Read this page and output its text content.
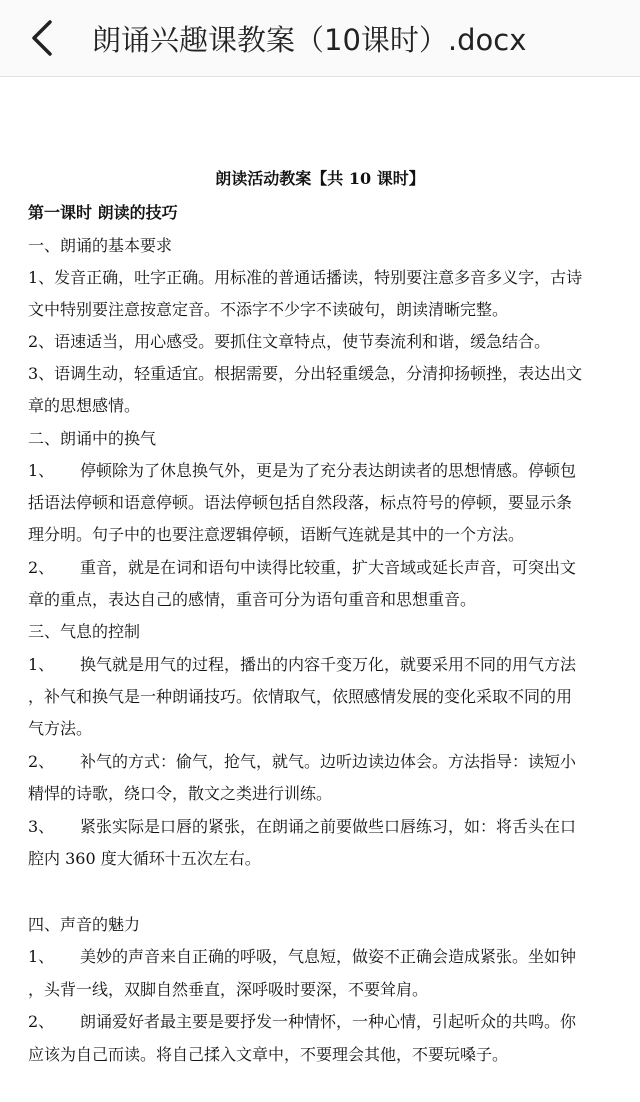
朗诵兴趣课教案（10课时）.docx
朗读活动教案【共 10 课时】
第一课时 朗读的技巧
一、朗诵的基本要求
1、发音正确，吐字正确。用标准的普通话播读，特别要注意多音多义字，古诗
文中特别要注意按意定音。不添字不少字不读破句，朗读清晰完整。
2、语速适当，用心感受。要抓住文章特点，使节奏流利和谐，缓急结合。
3、语调生动，轻重适宜。根据需要，分出轻重缓急，分清抑扬顿挫，表达出文
章的思想感情。
二、朗诵中的换气
1、 停顿除为了休息换气外，更是为了充分表达朗读者的思想情感。停顿包
括语法停顿和语意停顿。语法停顿包括自然段落，标点符号的停顿，要显示条
理分明。句子中的也要注意逻辑停顿，语断气连就是其中的一个方法。
2、 重音，就是在词和语句中读得比较重，扩大音域或延长声音，可突出文
章的重点，表达自己的感情，重音可分为语句重音和思想重音。
三、气息的控制
1、 换气就是用气的过程，播出的内容千变万化，就要采用不同的用气方法
，补气和换气是一种朗诵技巧。依情取气，依照感情发展的变化采取不同的用
气方法。
2、 补气的方式：偷气，抢气，就气。边听边读边体会。方法指导：读短小
精悍的诗歌，绕口令，散文之类进行训练。
3、 紧张实际是口唇的紧张，在朗诵之前要做些口唇练习，如：将舌头在口
腔内 360 度大循环十五次左右。
四、声音的魅力
1、 美妙的声音来自正确的呼吸，气息短，做姿不正确会造成紧张。坐如钟
，头背一线，双脚自然垂直，深呼吸时要深，不要耸肩。
2、 朗诵爱好者最主要是要抒发一种情怀，一种心情，引起听众的共鸣。你
应该为自己而读。将自己揉入文章中，不要理会其他，不要玩嗓子。
